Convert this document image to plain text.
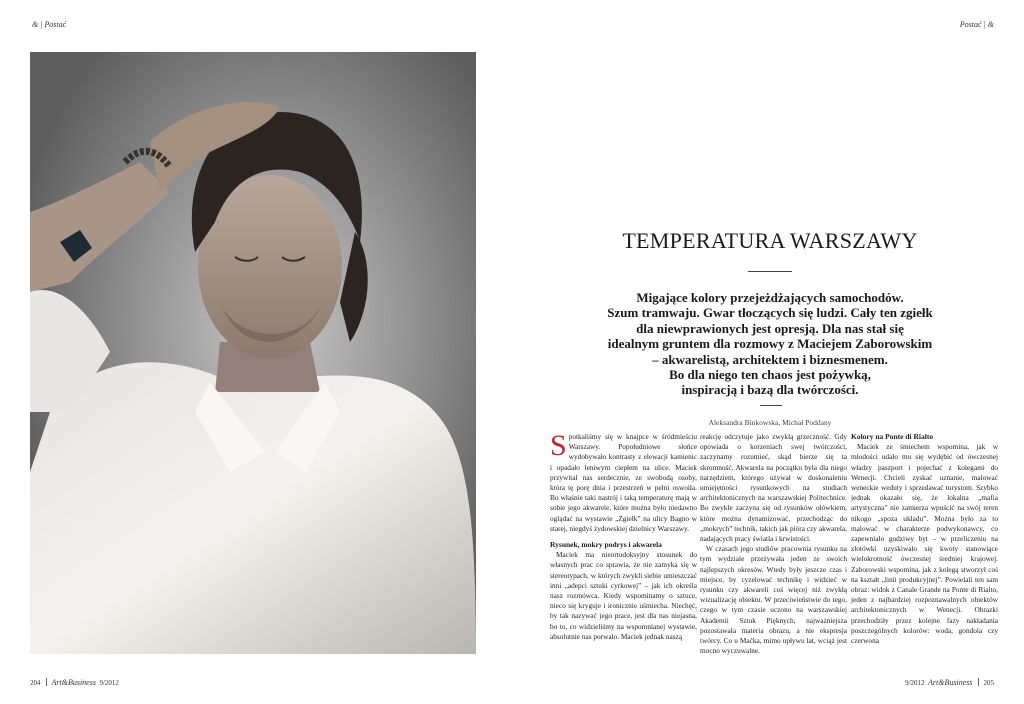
& | Postać	Postać | &
TEMPERATURA WARSZAWY
Migające kolory przejeżdżających samochodów.
Szum tramwaju. Gwar tłoczących się ludzi. Cały ten zgiełk
dla niewprawionych jest opresją. Dla nas stał się
idealnym gruntem dla rozmowy z Maciejem Zaborowskim
– akwarelistą, architektem i biznesmenem.
Bo dla niego ten chaos jest pożywką,
inspiracją i bazą dla twórczości.
Aleksandra Binkowska, Michał Poddany

Spotkaliśmy się w knajpce w śródmieściu Warszawy. Popołudniowe słońce wydobywało kontrasty z elewacji kamienic i opadało leniwym ciepłem na ulice. Maciek przywitał nas serdecznie, ze swobodą osoby, która tę porę dnia i przestrzeń w pełni oswoiła. Bo właśnie taki nastrój i taką temperaturę mają w sobie jego akwarele, które można było niedawno oglądać na wystawie „Zgiełk” na ulicy Bagno w starej, niegdyś żydowskiej dzielnicy Warszawy.

Rysunek, mokry podrys i akwarela

Maciek ma nieortodoksyjny stosunek do własnych prac co sprawia, że nie zamyka się w stereotypach, w których zwykli siebie umieszczać inni „adepci sztuki cyrkowej” – jak ich określa nasz rozmówca. Kiedy wspominamy o sztuce, nieco się kryguje i ironicznie uśmiecha. Niechęć, by tak nazywać jego prace, jest dla nas niejasna, bo to, co widzieliśmy na wspomnianej wystawie, absolutnie nas porwało. Maciek jednak naszą

reakcję odczytuje jako zwykłą grzeczność. Gdy opowiada o korzeniach swej twórczości, zaczynamy rozumieć, skąd bierze się ta skromność. Akwarela na początku była dla niego narzędziem, którego używał w doskonaleniu umiejętności rysunkowych na studiach architektonicznych na warszawskiej Politechnice. Bo zwykle zaczyna się od rysunków ołówkiem, które można dynamizować, przechodząc do „mokrych” technik, takich jak pióra czy akwarela, nadających pracy światła i krwistości.

W czasach jego studiów pracownia rysunku na tym wydziale przeżywała jeden ze swoich najlepszych okresów. Wtedy były jeszcze czas i miejsce, by cyzelować technikę i widzieć w rysunku czy akwareli coś więcej niż zwykłą wizualizację obiektu. W przeciwieństwie do tego, czego w tym czasie uczono na warszawskiej Akademii Sztuk Pięknych, najważniejsza pozostawała materia obrazu, a nie ekspresja twórcy. Co u Maćka, mimo upływu lat, wciąż jest mocno wyczuwalne.

Kolory na Ponte di Rialto

Maciek ze śmiechem wspomina, jak w młodości udało mu się wydębić od ówczesnej władzy paszport i pojechać z kolegami do Wenecji. Chcieli zyskać uznanie, malować weneckie weduty i sprzedawać turystom. Szybko jednak okazało się, że lokalna „mafia artystyczna” nie zamierza wpuścić na swój teren nikogo „spoza układu”. Można było za to malować w charakterze podwykonawcy, co zapewniało godziwy byt – w przeliczeniu na złotówki uzyskiwało się kwoty stanowiące wielokrotność ówczesnej średniej krajowej. Zaborowski wspomina, jak z kolegą stworzył coś na kształt „linii produkcyjnej”. Powielali ten sam obraz: widok z Canale Grande na Ponte di Rialto, jeden z najbardziej rozpoznawalnych obiektów architektonicznych w Wenecji. Obrazki przechodziły przez kolejne fazy nakładania poszczególnych kolorów: woda, gondola czy czerwona

204 Art&Business 9/2012	9/2012 Art&Business 205
